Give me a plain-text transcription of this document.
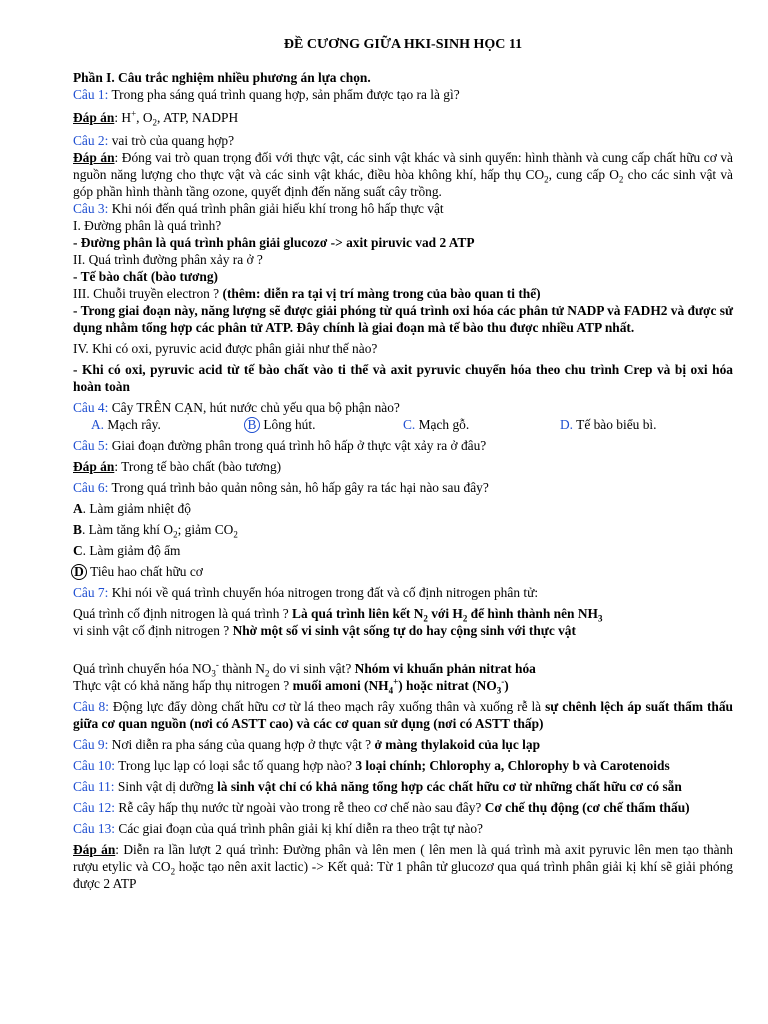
ĐỀ CƯƠNG GIỮA HKI-SINH HỌC 11

Phần I. Câu trắc nghiệm nhiều phương án lựa chọn.

Câu 1: Trong pha sáng quá trình quang hợp, sản phẩm được tạo ra là gì?

Đáp án: H+, $O_2$, ATP, NADPH

Câu 2: vai trò của quang hợp?

Đáp án: Đóng vai trò quan trọng đối với thực vật, các sinh vật khác và sinh quyển: hình thành và cung cấp chất hữu cơ và nguồn năng lượng cho thực vật và các sinh vật khác, điều hòa không khí, hấp thụ $CO_2$, cung cấp $O_2$ cho các sinh vật và góp phần hình thành tầng ozone, quyết định đến năng suất cây trồng.

Câu 3: Khi nói đến quá trình phân giải hiếu khí trong hô hấp thực vật

I. Đường phân là quá trình?

- Đường phân là quá trình phân giải glucozơ -> axit piruvic vad 2 ATP

II. Quá trình đường phân xảy ra ở ?

- Tế bào chất (bào tương)

III. Chuỗi truyền electron ? (thêm: diễn ra tại vị trí màng trong của bào quan ti thể)

- Trong giai đoạn này, năng lượng sẽ được giải phóng từ quá trình oxi hóa các phân tử NADP và FADH2 và được sử dụng nhằm tổng hợp các phân tử ATP. Đây chính là giai đoạn mà tế bào thu được nhiều ATP nhất.

IV. Khi có oxi, pyruvic acid được phân giải như thế nào?

- Khi có oxi, pyruvic acid từ tế bào chất vào ti thể và axit pyruvic chuyển hóa theo chu trình Crep và bị oxi hóa hoàn toàn

Câu 4: Cây TRÊN CẠN, hút nước chủ yếu qua bộ phận nào?

A. Mạch rây.	B Lông hút.	C. Mạch gỗ.	D. Tế bào biểu bì.

Câu 5: Giai đoạn đường phân trong quá trình hô hấp ở thực vật xảy ra ở đâu?

Đáp án: Trong tế bào chất (bào tương)

Câu 6: Trong quá trình bảo quản nông sản, hô hấp gây ra tác hại nào sau đây?

A. Làm giảm nhiệt độ

B. Làm tăng khí $O_2$; giảm $CO_2$

C. Làm giảm độ ẩm

D Tiêu hao chất hữu cơ

Câu 7: Khi nói về quá trình chuyển hóa nitrogen trong đất và cố định nitrogen phân tử:

Quá trình cố định nitrogen là quá trình ? Là quá trình liên kết $N_2$ với $H_2$ để hình thành nên $NH_3$

vi sinh vật cố định nitrogen ? Nhờ một số vi sinh vật sống tự do hay cộng sinh với thực vật

Quá trình chuyển hóa $NO_3^-$ thành $N_2$ do vi sinh vật? Nhóm vi khuẩn phản nitrat hóa

Thực vật có khả năng hấp thụ nitrogen ? muối amoni $(NH_4^+)$ hoặc nitrat $(NO_3^-)$

Câu 8: Động lực đẩy dòng chất hữu cơ từ lá theo mạch rây xuống thân và xuống rễ là sự chênh lệch áp suất thẩm thấu giữa cơ quan nguồn (nơi có ASTT cao) và các cơ quan sử dụng (nơi có ASTT thấp)

Câu 9: Nơi diễn ra pha sáng của quang hợp ở thực vật ? ở màng thylakoid của lục lạp

Câu 10: Trong lục lạp có loại sắc tố quang hợp nào? 3 loại chính; Chlorophy a, Chlorophy b và Carotenoids

Câu 11: Sinh vật dị dưỡng là sinh vật chỉ có khả năng tổng hợp các chất hữu cơ từ những chất hữu cơ có sẵn

Câu 12: Rễ cây hấp thụ nước từ ngoài vào trong rễ theo cơ chế nào sau đây? Cơ chế thụ động (cơ chế thẩm thấu)

Câu 13: Các giai đoạn của quá trình phân giải kị khí diễn ra theo trật tự nào?

Đáp án: Diễn ra lần lượt 2 quá trình: Đường phân và lên men ( lên men là quá trình mà axit pyruvic lên men tạo thành rượu etylic và $CO_2$ hoặc tạo nên axit lactic) -> Kết quả: Từ 1 phân tử glucozơ qua quá trình phân giải kị khí sẽ giải phóng được 2 ATP
